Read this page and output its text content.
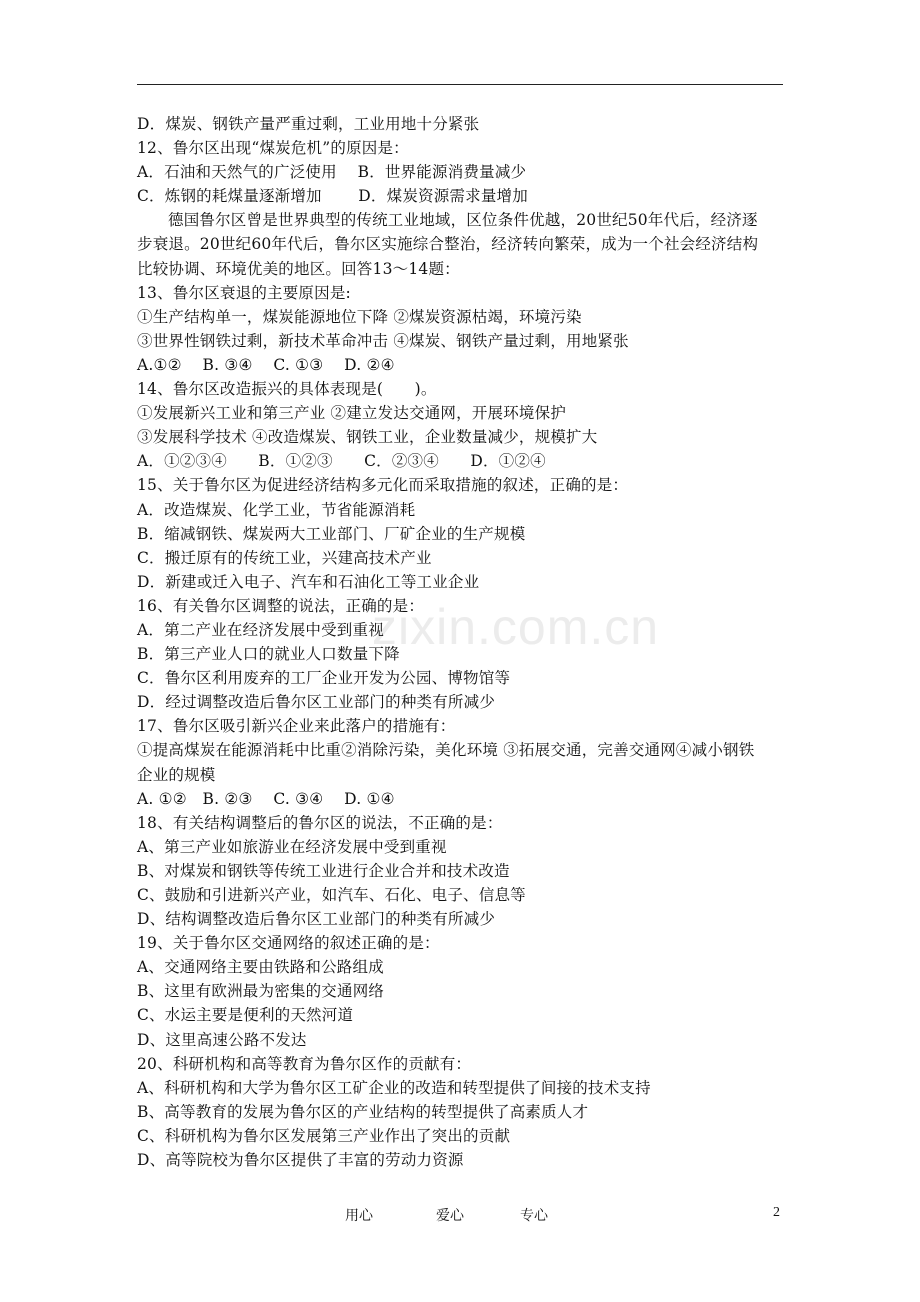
zixin.com.cn
D．煤炭、钢铁产量严重过剩，工业用地十分紧张
12、鲁尔区出现“煤炭危机”的原因是：
A．石油和天然气的广泛使用　 B．世界能源消费量减少
C．炼钢的耗煤量逐渐增加　　 D．煤炭资源需求量增加
德国鲁尔区曾是世界典型的传统工业地域，区位条件优越，20世纪50年代后，经济逐
步衰退。20世纪60年代后，鲁尔区实施综合整治，经济转向繁荣，成为一个社会经济结构
比较协调、环境优美的地区。回答13～14题：
13、鲁尔区衰退的主要原因是:
①生产结构单一，煤炭能源地位下降 ②煤炭资源枯竭，环境污染
③世界性钢铁过剩，新技术革命冲击 ④煤炭、钢铁产量过剩，用地紧张
A.①②　 B. ③④　 C. ①③　 D. ②④
14、鲁尔区改造振兴的具体表现是(　　)。
①发展新兴工业和第三产业 ②建立发达交通网，开展环境保护
③发展科学技术 ④改造煤炭、钢铁工业，企业数量减少，规模扩大
A．①②③④　　B．①②③　　C．②③④　　D．①②④
15、关于鲁尔区为促进经济结构多元化而采取措施的叙述，正确的是：
A．改造煤炭、化学工业，节省能源消耗
B．缩减钢铁、煤炭两大工业部门、厂矿企业的生产规模
C．搬迁原有的传统工业，兴建高技术产业
D．新建或迁入电子、汽车和石油化工等工业企业
16、有关鲁尔区调整的说法，正确的是：
A．第二产业在经济发展中受到重视
B．第三产业人口的就业人口数量下降
C．鲁尔区利用废弃的工厂企业开发为公园、博物馆等
D．经过调整改造后鲁尔区工业部门的种类有所减少
17、鲁尔区吸引新兴企业来此落户的措施有：
①提高煤炭在能源消耗中比重②消除污染，美化环境 ③拓展交通，完善交通网④减小钢铁
企业的规模
A. ①②　B. ②③　 C. ③④　 D. ①④
18、有关结构调整后的鲁尔区的说法，不正确的是：
A、第三产业如旅游业在经济发展中受到重视
B、对煤炭和钢铁等传统工业进行企业合并和技术改造
C、鼓励和引进新兴产业，如汽车、石化、电子、信息等
D、结构调整改造后鲁尔区工业部门的种类有所减少
19、关于鲁尔区交通网络的叙述正确的是：
A、交通网络主要由铁路和公路组成
B、这里有欧洲最为密集的交通网络
C、水运主要是便利的天然河道
D、这里高速公路不发达
20、科研机构和高等教育为鲁尔区作的贡献有：
A、科研机构和大学为鲁尔区工矿企业的改造和转型提供了间接的技术支持
B、高等教育的发展为鲁尔区的产业结构的转型提供了高素质人才
C、科研机构为鲁尔区发展第三产业作出了突出的贡献
D、高等院校为鲁尔区提供了丰富的劳动力资源
用心	爱心	专心	2
